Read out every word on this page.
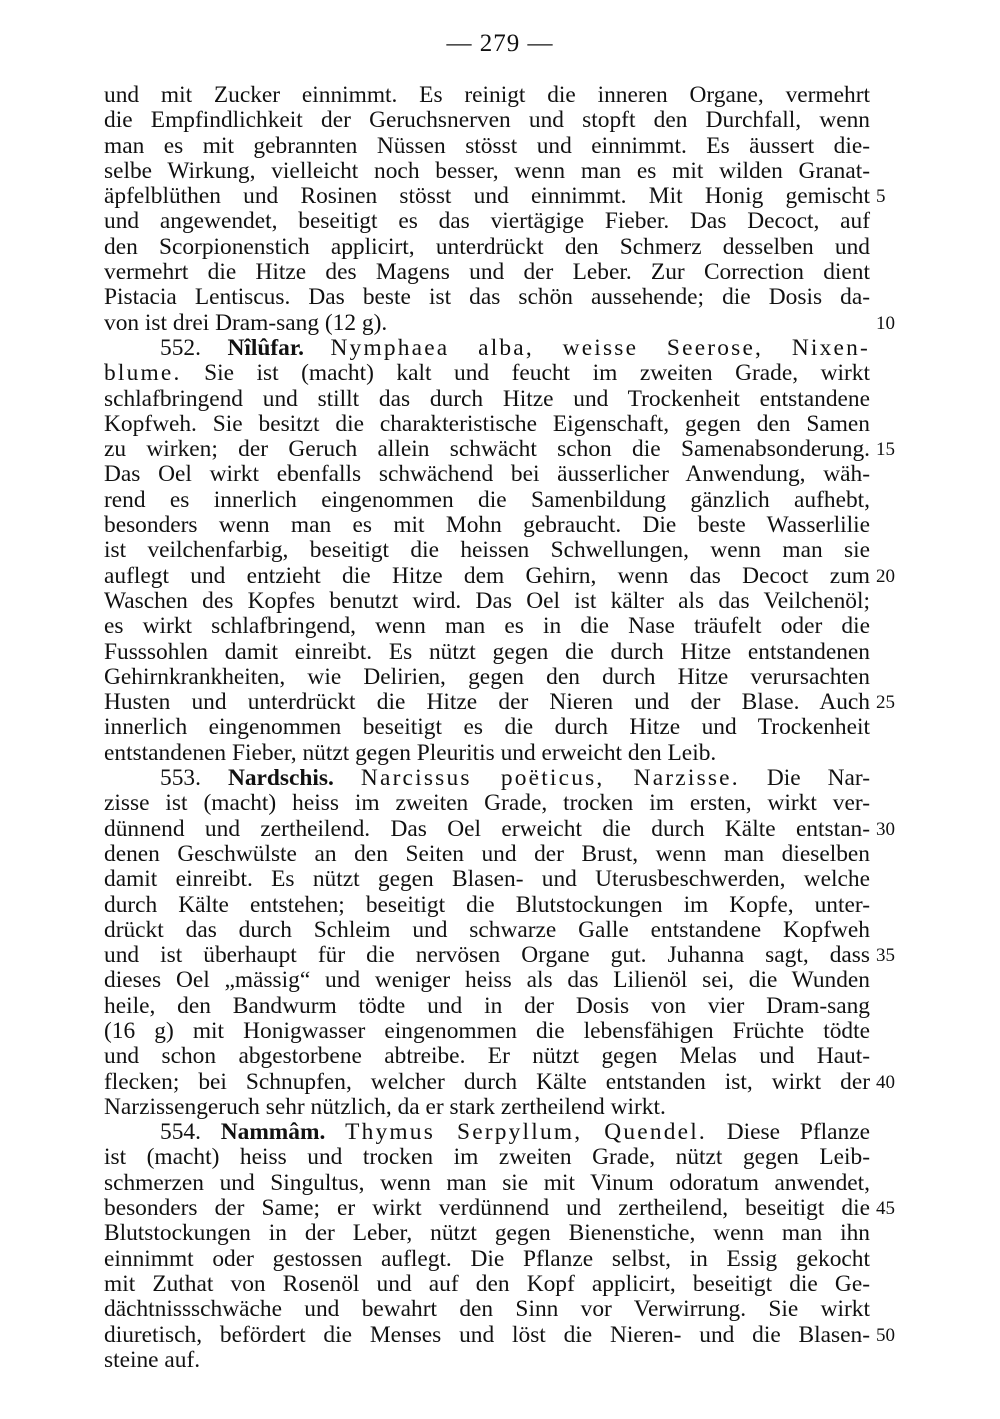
— 279 —
und mit Zucker einnimmt. Es reinigt die inneren Organe, vermehrt
die Empfindlichkeit der Geruchsnerven und stopft den Durchfall, wenn
man es mit gebrannten Nüssen stösst und einnimmt. Es äussert die-
selbe Wirkung, vielleicht noch besser, wenn man es mit wilden Granat-
äpfelblüthen und Rosinen stösst und einnimmt. Mit Honig gemischt
und angewendet, beseitigt es das viertägige Fieber. Das Decoct, auf
den Scorpionenstich applicirt, unterdrückt den Schmerz desselben und
vermehrt die Hitze des Magens und der Leber. Zur Correction dient
Pistacia Lentiscus. Das beste ist das schön aussehende; die Dosis da-
von ist drei Dram-sang (12 g).
552. Nîlûfar. Nymphaea alba, weisse Seerose, Nixen-
blume. Sie ist (macht) kalt und feucht im zweiten Grade, wirkt
schlafbringend und stillt das durch Hitze und Trockenheit entstandene
Kopfweh. Sie besitzt die charakteristische Eigenschaft, gegen den Samen
zu wirken; der Geruch allein schwächt schon die Samenabsonderung.
Das Oel wirkt ebenfalls schwächend bei äusserlicher Anwendung, wäh-
rend es innerlich eingenommen die Samenbildung gänzlich aufhebt,
besonders wenn man es mit Mohn gebraucht. Die beste Wasserlilie
ist veilchenfarbig, beseitigt die heissen Schwellungen, wenn man sie
auflegt und entzieht die Hitze dem Gehirn, wenn das Decoct zum
Waschen des Kopfes benutzt wird. Das Oel ist kälter als das Veilchenöl;
es wirkt schlafbringend, wenn man es in die Nase träufelt oder die
Fusssohlen damit einreibt. Es nützt gegen die durch Hitze entstandenen
Gehirnkrankheiten, wie Delirien, gegen den durch Hitze verursachten
Husten und unterdrückt die Hitze der Nieren und der Blase. Auch
innerlich eingenommen beseitigt es die durch Hitze und Trockenheit
entstandenen Fieber, nützt gegen Pleuritis und erweicht den Leib.
553. Nardschis. Narcissus poëticus, Narzisse. Die Nar-
zisse ist (macht) heiss im zweiten Grade, trocken im ersten, wirkt ver-
dünnend und zertheilend. Das Oel erweicht die durch Kälte entstan-
denen Geschwülste an den Seiten und der Brust, wenn man dieselben
damit einreibt. Es nützt gegen Blasen- und Uterusbeschwerden, welche
durch Kälte entstehen; beseitigt die Blutstockungen im Kopfe, unter-
drückt das durch Schleim und schwarze Galle entstandene Kopfweh
und ist überhaupt für die nervösen Organe gut. Juhanna sagt, dass
dieses Oel „mässig“ und weniger heiss als das Lilienöl sei, die Wunden
heile, den Bandwurm tödte und in der Dosis von vier Dram-sang
(16 g) mit Honigwasser eingenommen die lebensfähigen Früchte tödte
und schon abgestorbene abtreibe. Er nützt gegen Melas und Haut-
flecken; bei Schnupfen, welcher durch Kälte entstanden ist, wirkt der
Narzissengeruch sehr nützlich, da er stark zertheilend wirkt.
554. Nammâm. Thymus Serpyllum, Quendel. Diese Pflanze
ist (macht) heiss und trocken im zweiten Grade, nützt gegen Leib-
schmerzen und Singultus, wenn man sie mit Vinum odoratum anwendet,
besonders der Same; er wirkt verdünnend und zertheilend, beseitigt die
Blutstockungen in der Leber, nützt gegen Bienenstiche, wenn man ihn
einnimmt oder gestossen auflegt. Die Pflanze selbst, in Essig gekocht
mit Zuthat von Rosenöl und auf den Kopf applicirt, beseitigt die Ge-
dächtnissschwäche und bewahrt den Sinn vor Verwirrung. Sie wirkt
diuretisch, befördert die Menses und löst die Nieren- und die Blasen-
steine auf.
5
10
15
20
25
30
35
40
45
50
